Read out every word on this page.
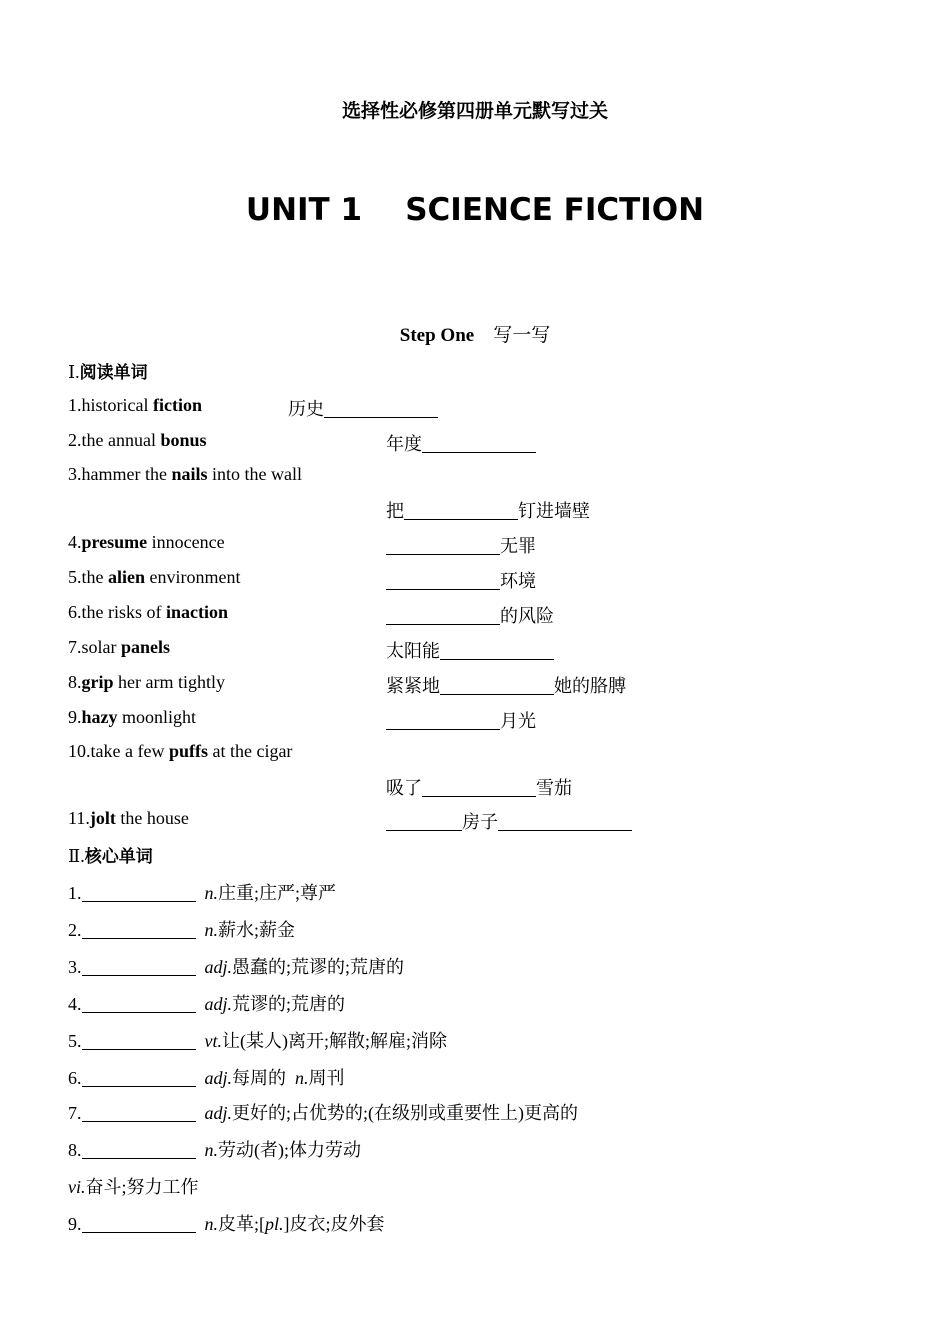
选择性必修第四册单元默写过关
UNIT 1    SCIENCE FICTION
Step One 写一写
Ⅰ.阅读单词
1.historical fiction	历史
2.the annual bonus	年度
3.hammer the nails into the wall
把	钉进墙壁
4.presume innocence	无罪
5.the alien environment	环境
6.the risks of inaction	的风险
7.solar panels	太阳能
8.grip her arm tightly	紧紧地	她的胳膊
9.hazy moonlight	月光
10.take a few puffs at the cigar
吸了	雪茄
11.jolt the house	房子
Ⅱ.核心单词
1.	n.庄重;庄严;尊严
2.	n.薪水;薪金
3.	adj.愚蠢的;荒谬的;荒唐的
4.	adj.荒谬的;荒唐的
5.	vt.让(某人)离开;解散;解雇;消除
6.	adj.每周的  n.周刊
7.	adj.更好的;占优势的;(在级别或重要性上)更高的
8.	n.劳动(者);体力劳动
vi.奋斗;努力工作
9.	n.皮革;[pl.]皮衣;皮外套
